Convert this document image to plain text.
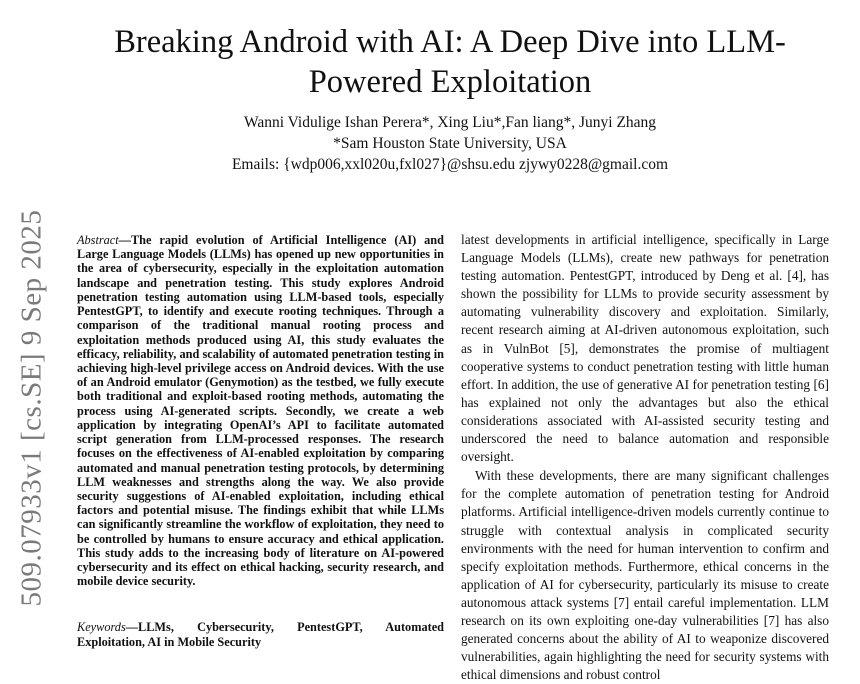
509.07933v1 [cs.SE] 9 Sep 2025
Breaking Android with AI: A Deep Dive into LLM-Powered Exploitation
Wanni Vidulige Ishan Perera*, Xing Liu*,Fan liang*, Junyi Zhang
*Sam Houston State University, USA
Emails: {wdp006,xxl020u,fxl027}@shsu.edu zjywy0228@gmail.com

Abstract—The rapid evolution of Artificial Intelligence (AI) and Large Language Models (LLMs) has opened up new opportunities in the area of cybersecurity, especially in the exploitation automation landscape and penetration testing. This study explores Android penetration testing automation using LLM-based tools, especially PentestGPT, to identify and execute rooting techniques. Through a comparison of the traditional manual rooting process and exploitation methods produced using AI, this study evaluates the efficacy, reliability, and scalability of automated penetration testing in achieving high-level privilege access on Android devices. With the use of an Android emulator (Genymotion) as the testbed, we fully execute both traditional and exploit-based rooting methods, automating the process using AI-generated scripts. Secondly, we create a web application by integrating OpenAI’s API to facilitate automated script generation from LLM-processed responses. The research focuses on the effectiveness of AI-enabled exploitation by comparing automated and manual penetration testing protocols, by determining LLM weaknesses and strengths along the way. We also provide security suggestions of AI-enabled exploitation, including ethical factors and potential misuse. The findings exhibit that while LLMs can significantly streamline the workflow of exploitation, they need to be controlled by humans to ensure accuracy and ethical application. This study adds to the increasing body of literature on AI-powered cybersecurity and its effect on ethical hacking, security research, and mobile device security.

Keywords—LLMs, Cybersecurity, PentestGPT, Automated Exploitation, AI in Mobile Security

latest developments in artificial intelligence, specifically in Large Language Models (LLMs), create new pathways for penetration testing automation. PentestGPT, introduced by Deng et al. [4], has shown the possibility for LLMs to provide security assessment by automating vulnerability discovery and exploitation. Similarly, recent research aiming at AI-driven autonomous exploitation, such as in VulnBot [5], demonstrates the promise of multiagent cooperative systems to conduct penetration testing with little human effort. In addition, the use of generative AI for penetration testing [6] has explained not only the advantages but also the ethical considerations associated with AI-assisted security testing and underscored the need to balance automation and responsible oversight.

With these developments, there are many significant challenges for the complete automation of penetration testing for Android platforms. Artificial intelligence-driven models currently continue to struggle with contextual analysis in complicated security environments with the need for human intervention to confirm and specify exploitation methods. Furthermore, ethical concerns in the application of AI for cybersecurity, particularly its misuse to create autonomous attack systems [7] entail careful implementation. LLM research on its own exploiting one-day vulnerabilities [7] has also generated concerns about the ability of AI to weaponize discovered vulnerabilities, again highlighting the need for security systems with ethical dimensions and robust control
